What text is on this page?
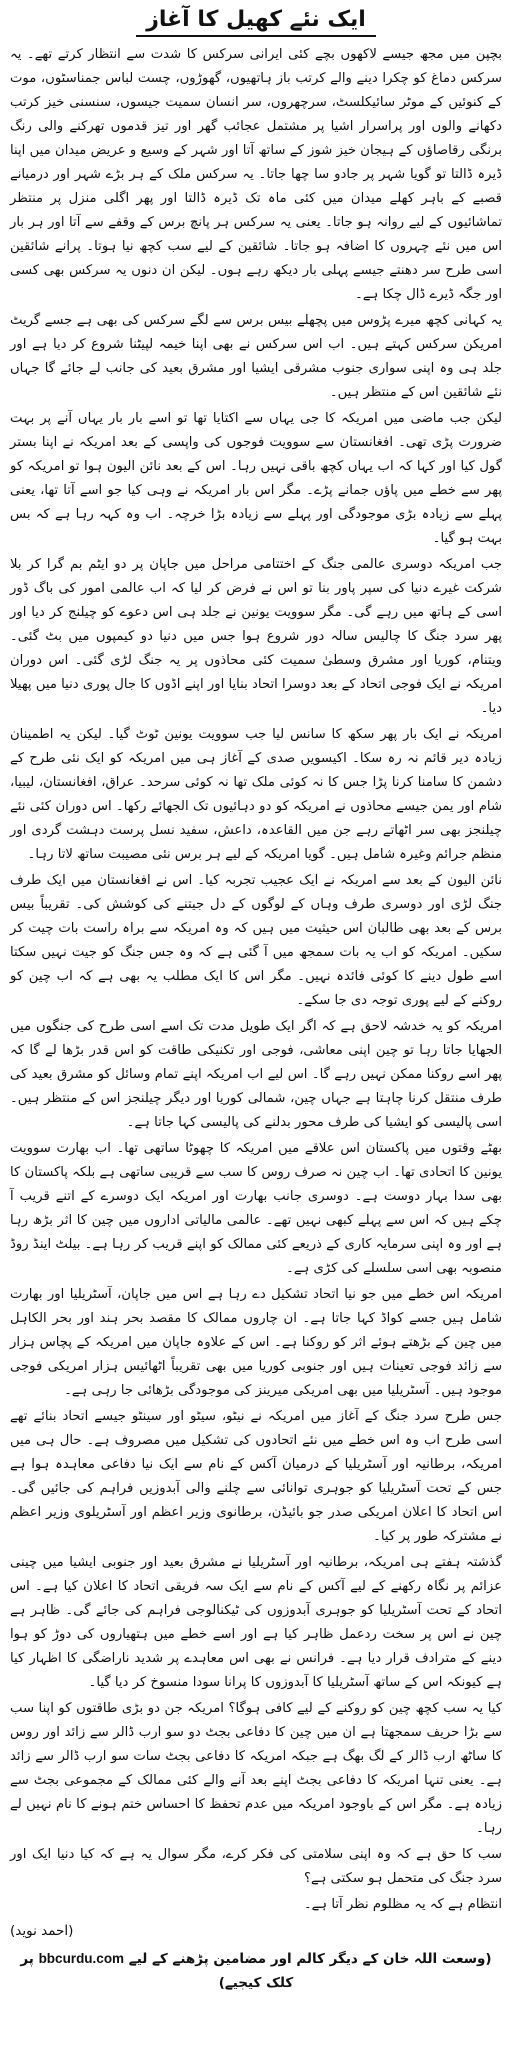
ایک نئے کھیل کا آغاز

بچپن میں مجھ جیسے لاکھوں بچے کئی ایرانی سرکس کا شدت سے انتظار کرتے تھے۔ یہ سرکس دماغ کو چکرا دینے والے کرتب باز ہاتھیوں، گھوڑوں، چست لباس جمناسٹوں، موت کے کنوئیں کے موٹر سائیکلسٹ، سرچھروں، سر انسان سمیت جیسوں، سنسنی خیز کرتب دکھانے والوں اور پراسرار اشیا پر مشتمل عجائب گھر اور تیز قدموں تھرکنے والی رنگ برنگی رقاصاؤں کے ہیجان خیز شوز کے ساتھ آتا اور شہر کے وسیع و عریض میدان میں اپنا ڈیرہ ڈالتا تو گویا شہر پر جادو سا چھا جاتا۔ یہ سرکس ملک کے ہر بڑے شہر اور درمیانے قصبے کے باہر کھلے میدان میں کئی ماہ تک ڈیرہ ڈالتا اور پھر اگلی منزل پر منتظر تماشائیوں کے لیے روانہ ہو جاتا۔ یعنی یہ سرکس ہر پانچ برس کے وقفے سے آتا اور ہر بار اس میں نئے چہروں کا اضافہ ہو جاتا۔ شائقین کے لیے سب کچھ نیا ہوتا۔ پرانے شائقین اسی طرح سر دھنتے جیسے پہلی بار دیکھ رہے ہوں۔ لیکن ان دنوں یہ سرکس بھی کسی اور جگہ ڈیرے ڈال چکا ہے۔

یہ کہانی کچھ میرے پڑوس میں پچھلے بیس برس سے لگے سرکس کی بھی ہے جسے گریٹ امریکن سرکس کہتے ہیں۔ اب اس سرکس نے بھی اپنا خیمہ لپیٹنا شروع کر دیا ہے اور جلد ہی وہ اپنی سواری جنوب مشرقی ایشیا اور مشرق بعید کی جانب لے جائے گا جہاں نئے شائقین اس کے منتظر ہیں۔

لیکن جب ماضی میں امریکہ کا جی یہاں سے اکتایا تھا تو اسے بار بار یہاں آنے پر بہت ضرورت پڑی تھی۔ افغانستان سے سوویت فوجوں کی واپسی کے بعد امریکہ نے اپنا بستر گول کیا اور کہا کہ اب یہاں کچھ باقی نہیں رہا۔ اس کے بعد نائن الیون ہوا تو امریکہ کو پھر سے خطے میں پاؤں جمانے پڑے۔ مگر اس بار امریکہ نے وہی کیا جو اسے آتا تھا، یعنی پہلے سے زیادہ بڑی موجودگی اور پہلے سے زیادہ بڑا خرچہ۔ اب وہ کہہ رہا ہے کہ بس بہت ہو گیا۔

جب امریکہ دوسری عالمی جنگ کے اختتامی مراحل میں جاپان پر دو ایٹم بم گرا کر بلا شرکت غیرے دنیا کی سپر پاور بنا تو اس نے فرض کر لیا کہ اب عالمی امور کی باگ ڈور اسی کے ہاتھ میں رہے گی۔ مگر سوویت یونین نے جلد ہی اس دعوے کو چیلنج کر دیا اور پھر سرد جنگ کا چالیس سالہ دور شروع ہوا جس میں دنیا دو کیمپوں میں بٹ گئی۔ ویتنام، کوریا اور مشرق وسطیٰ سمیت کئی محاذوں پر یہ جنگ لڑی گئی۔ اس دوران امریکہ نے ایک فوجی اتحاد کے بعد دوسرا اتحاد بنایا اور اپنے اڈوں کا جال پوری دنیا میں پھیلا دیا۔

امریکہ نے ایک بار پھر سکھ کا سانس لیا جب سوویت یونین ٹوٹ گیا۔ لیکن یہ اطمینان زیادہ دیر قائم نہ رہ سکا۔ اکیسویں صدی کے آغاز ہی میں امریکہ کو ایک نئی طرح کے دشمن کا سامنا کرنا پڑا جس کا نہ کوئی ملک تھا نہ کوئی سرحد۔ عراق، افغانستان، لیبیا، شام اور یمن جیسے محاذوں نے امریکہ کو دو دہائیوں تک الجھائے رکھا۔ اس دوران کئی نئے چیلنجز بھی سر اٹھاتے رہے جن میں القاعدہ، داعش، سفید نسل پرست دہشت گردی اور منظم جرائم وغیرہ شامل ہیں۔ گویا امریکہ کے لیے ہر برس نئی مصیبت ساتھ لاتا رہا۔

نائن الیون کے بعد سے امریکہ نے ایک عجیب تجربہ کیا۔ اس نے افغانستان میں ایک طرف جنگ لڑی اور دوسری طرف وہاں کے لوگوں کے دل جیتنے کی کوشش کی۔ تقریباً بیس برس کے بعد بھی طالبان اس حیثیت میں ہیں کہ وہ امریکہ سے براہ راست بات چیت کر سکیں۔ امریکہ کو اب یہ بات سمجھ میں آ گئی ہے کہ وہ جس جنگ کو جیت نہیں سکتا اسے طول دینے کا کوئی فائدہ نہیں۔ مگر اس کا ایک مطلب یہ بھی ہے کہ اب چین کو روکنے کے لیے پوری توجہ دی جا سکے۔

امریکہ کو یہ خدشہ لاحق ہے کہ اگر ایک طویل مدت تک اسے اسی طرح کی جنگوں میں الجھایا جاتا رہا تو چین اپنی معاشی، فوجی اور تکنیکی طاقت کو اس قدر بڑھا لے گا کہ پھر اسے روکنا ممکن نہیں رہے گا۔ اس لیے اب امریکہ اپنے تمام وسائل کو مشرق بعید کی طرف منتقل کرنا چاہتا ہے جہاں چین، شمالی کوریا اور دیگر چیلنجز اس کے منتظر ہیں۔ اسی پالیسی کو ایشیا کی طرف محور بدلنے کی پالیسی کہا جاتا ہے۔

بھٹے وقتوں میں پاکستان اس علاقے میں امریکہ کا چھوٹا ساتھی تھا۔ اب بھارت سوویت یونین کا اتحادی تھا۔ اب چین نہ صرف روس کا سب سے قریبی ساتھی ہے بلکہ پاکستان کا بھی سدا بہار دوست ہے۔ دوسری جانب بھارت اور امریکہ ایک دوسرے کے اتنے قریب آ چکے ہیں کہ اس سے پہلے کبھی نہیں تھے۔ عالمی مالیاتی اداروں میں چین کا اثر بڑھ رہا ہے اور وہ اپنی سرمایہ کاری کے ذریعے کئی ممالک کو اپنے قریب کر رہا ہے۔ بیلٹ اینڈ روڈ منصوبہ بھی اسی سلسلے کی کڑی ہے۔

امریکہ اس خطے میں جو نیا اتحاد تشکیل دے رہا ہے اس میں جاپان، آسٹریلیا اور بھارت شامل ہیں جسے کواڈ کہا جاتا ہے۔ ان چاروں ممالک کا مقصد بحر ہند اور بحر الکاہل میں چین کے بڑھتے ہوئے اثر کو روکنا ہے۔ اس کے علاوہ جاپان میں امریکہ کے پچاس ہزار سے زائد فوجی تعینات ہیں اور جنوبی کوریا میں بھی تقریباً اٹھائیس ہزار امریکی فوجی موجود ہیں۔ آسٹریلیا میں بھی امریکی میرینز کی موجودگی بڑھائی جا رہی ہے۔

جس طرح سرد جنگ کے آغاز میں امریکہ نے نیٹو، سیٹو اور سینٹو جیسے اتحاد بنائے تھے اسی طرح اب وہ اس خطے میں نئے اتحادوں کی تشکیل میں مصروف ہے۔ حال ہی میں امریکہ، برطانیہ اور آسٹریلیا کے درمیان آکس کے نام سے ایک نیا دفاعی معاہدہ ہوا ہے جس کے تحت آسٹریلیا کو جوہری توانائی سے چلنے والی آبدوزیں فراہم کی جائیں گی۔ اس اتحاد کا اعلان امریکی صدر جو بائیڈن، برطانوی وزیر اعظم اور آسٹریلوی وزیر اعظم نے مشترکہ طور پر کیا۔

گذشتہ ہفتے ہی امریکہ، برطانیہ اور آسٹریلیا نے مشرق بعید اور جنوبی ایشیا میں چینی عزائم پر نگاہ رکھنے کے لیے آکس کے نام سے ایک سہ فریقی اتحاد کا اعلان کیا ہے۔ اس اتحاد کے تحت آسٹریلیا کو جوہری آبدوزوں کی ٹیکنالوجی فراہم کی جائے گی۔ ظاہر ہے چین نے اس پر سخت ردعمل ظاہر کیا ہے اور اسے خطے میں ہتھیاروں کی دوڑ کو ہوا دینے کے مترادف قرار دیا ہے۔ فرانس نے بھی اس معاہدے پر شدید ناراضگی کا اظہار کیا ہے کیونکہ اس کے ساتھ آسٹریلیا کا آبدوزوں کا پرانا سودا منسوخ کر دیا گیا۔

کیا یہ سب کچھ چین کو روکنے کے لیے کافی ہوگا؟ امریکہ جن دو بڑی طاقتوں کو اپنا سب سے بڑا حریف سمجھتا ہے ان میں چین کا دفاعی بجٹ دو سو ارب ڈالر سے زائد اور روس کا ساٹھ ارب ڈالر کے لگ بھگ ہے جبکہ امریکہ کا دفاعی بجٹ سات سو ارب ڈالر سے زائد ہے۔ یعنی تنہا امریکہ کا دفاعی بجٹ اپنے بعد آنے والے کئی ممالک کے مجموعی بجٹ سے زیادہ ہے۔ مگر اس کے باوجود امریکہ میں عدم تحفظ کا احساس ختم ہونے کا نام نہیں لے رہا۔

سب کا حق ہے کہ وہ اپنی سلامتی کی فکر کرے، مگر سوال یہ ہے کہ کیا دنیا ایک اور سرد جنگ کی متحمل ہو سکتی ہے؟

انتظام ہے کہ یہ مظلوم نظر آتا ہے۔

(احمد نوید)
(وسعت اللہ خان کے دیگر کالم اور مضامین پڑھنے کے لیے bbcurdu.com پر کلک کیجیے)
